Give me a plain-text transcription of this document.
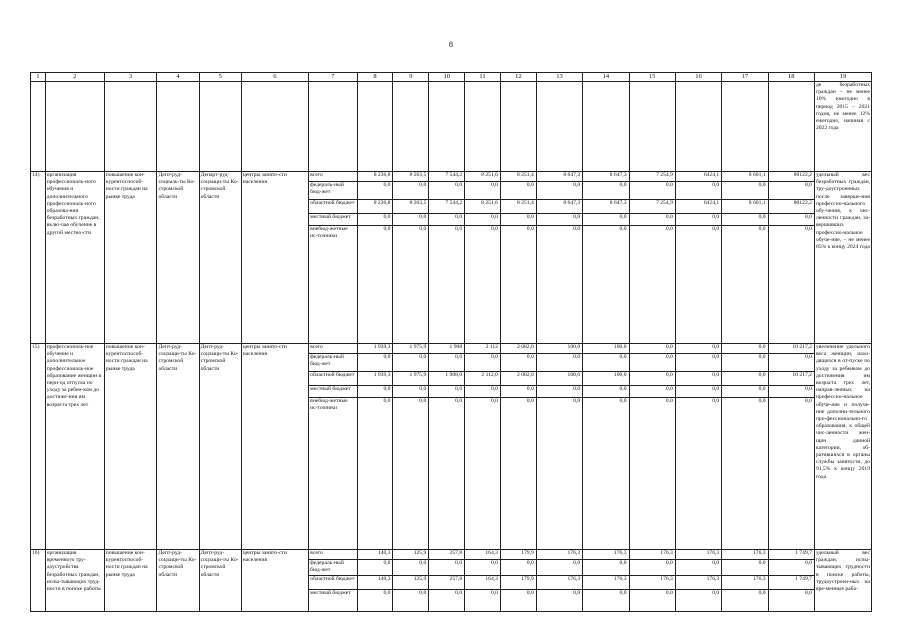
8
1	2	3	4	5	6	7	8	9	10	11	12	13	14	15	16	17	18	19
																		де безработных граждан – не менее 10% ежегодно в период 2015 – 2021 годов, не менее 12% ежегодно, начиная с 2022 года
14)	организация профессиональ-ного обучения и дополнительного профессиональ-ного образова-ния безработных граждан, вклю-чая обучение в другой местно-сти	повышение кон-курентоспособ-ности граждан на рынке труда	Депт-руд-социаль-ты Ко-стромской области	Департ-руд-соцзащи-ты Ко-стромской области	центры занято-сти населения	всего	8 236,8	8 263,5	7 544,2	8 251,6	8 251,4	8 647,3	8 647,3	7 254,9	6424,1	8 601,1	80122,2	удельный вес безработных граждан, тру-доустроенных после заверше-ния профессио-нального обу-чения, к чис-ленности граждан, за-вершивших профессио-нальное обуче-ние, – не менее 85% к концу 2024 года
						федераль-ный бюд-жет	0,0	0,0	0,0	0,0	0,0	0,0	0,0	0,0	0,0	0,0	0,0	
						областной бюджет	8 236,8	8 263,5	7 544,2	8 251,6	8 251,4	8 647,3	8 647,3	7 254,9	6424,1	8 601,1	80122,2	
						местный бюджет	0,0	0,0	0,0	0,0	0,0	0,0	0,0	0,0	0,0	0,0	0,0	
						внебюд-жетные ис-точники	0,0	0,0	0,0	0,0	0,0	0,0	0,0	0,0	0,0	0,0	0,0	
15)	профессиональ-ное обучение и дополнительное профессиональ-ное образование женщин в пери-од отпуска по уходу за ребен-ком до достиже-ния им возраста трех лет	повышение кон-курентоспособ-ности граждан на рынке труда	Депт-руд-соцзащи-ты Ко-стромской области	Депт-руд-соцзащи-ты Ко-стромской области	центры занято-сти населения	всего	1 939,3	1 975,9	1 908	2 112	2 082,0	100,0	100,0	0,0	0,0	0,0	10 217,2	увеличение удельного веса женщин, нахо-дящихся в от-пуске по уходу за ребенком до достижения им возраста трех лет, направ-ленных на профессио-нальное обуче-ние и получе-ние дополни-тельного про-фессионально-го образования, к общей чис-ленности жен-щин данной категории, об-ратившихся в органы службы занятости, до 91,5% к концу 2019 года
						федераль-ный бюд-жет	0,0	0,0	0,0	0,0	0,0	0,0	0,0	0,0	0,0	0,0	0,0	
						областной бюджет	1 939,3	1 975,9	1 908,0	2 112,0	2 082,0	100,0	100,0	0,0	0,0	0,0	10 217,2	
						местный бюджет	0,0	0,0	0,0	0,0	0,0	0,0	0,0	0,0	0,0	0,0	0,0	
						внебюд-жетные ис-точники	0,0	0,0	0,0	0,0	0,0	0,0	0,0	0,0	0,0	0,0	0,0	
16)	организация временного тру-доустройства безработных граждан, испы-тывающих труд-ности в поиске работы	повышение кон-курентоспособ-ности граждан на рынке труда	Депт-руд-соцзащи-ты Ко-стромской области	Депт-руд-соцзащи-ты Ко-стромской области	центры занято-сти населения	всего	140,3	125,9	257,8	164,3	179,9	176,3	176,3	176,3	176,3	176,3	1 749,7	удельный вес граждан, испы-тывающих трудности в поиске работы, трудоустроен-ных на вре-менные рабо-
						федераль-ный бюд-жет	0,0	0,0	0,0	0,0	0,0	0,0	0,0	0,0	0,0	0,0	0,0	
						областной бюджет	140,3	125,9	257,8	164,3	179,9	176,3	176,3	176,3	176,3	176,3	1 749,7	
						местный бюджет	0,0	0,0	0,0	0,0	0,0	0,0	0,0	0,0	0,0	0,0	0,0	
